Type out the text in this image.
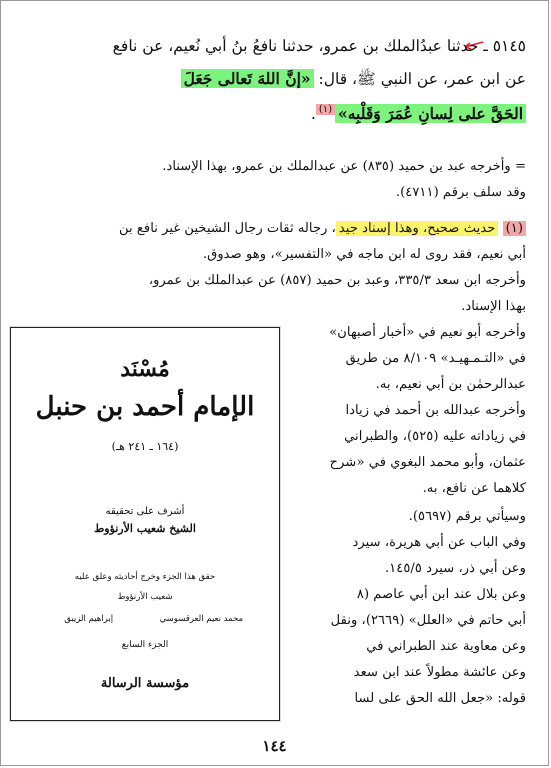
٥١٤٥ ـ حدثنا عبدُالملك بن عمرو، حدثنا نافعُ بنُ أبي نُعيم، عن نافع
عن ابن عمر، عن النبي ﷺ، قال: «إنَّ اللهَ تَعالى جَعَلَ
الحَقَّ على لِسانِ عُمَرَ وَقَلْبِه»$^{(١)}$.
= وأخرجه عبد بن حميد (٨٣٥) عن عبدالملك بن عمرو، بهذا الإسناد.
وقد سلف برقم (٤٧١١).
(١) حديث صحيح، وهذا إسناد جيد، رجاله ثقات رجال الشيخين غير نافع بن
أبي نعيم، فقد روى له ابن ماجه في «التفسير»، وهو صدوق.
وأخرجه ابن سعد ٣٣٥/٣، وعبد بن حميد (٨٥٧) عن عبدالملك بن عمرو،
بهذا الإسناد.
وأخرجه أبو نعيم في «أخبار أصبهان»
في «التـمـهيـد» ٨/١٠٩ من طريق
عبدالرحمٰن بن أبي نعيم، به.
وأخرجه عبدالله بن أحمد في زيادا
في زياداته عليه (٥٢٥)، والطبراني
عثمان، وأبو محمد البغوي في «شرح
كلاهما عن نافع، به.
وسيأتي برقم (٥٦٩٧).
وفي الباب عن أبي هريرة، سيرد
وعن أبي ذر، سيرد ١٤٥/٥.
وعن بلال عند ابن أبي عاصم (٨
أبي حاتم في «العلل» (٢٦٦٩)، ونقل
وعن معاوية عند الطبراني في
وعن عائشة مطولاً عند ابن سعد
قوله: «جعل الله الحق على لسا
مُسْنَد
الإمام أحمد بن حنبل
(١٦٤ ـ ٢٤١ هـ)
أشرف على تحقيقه
الشيخ شعيب الأرنؤوط
حقق هذا الجزء وخرج أحاديثه وعلق عليه
شعيب الأرنؤوط
محمد نعيم العرقسوسي إبراهيم الزيبق
الجزء السابع
مؤسسة الرسالة
١٤٤
